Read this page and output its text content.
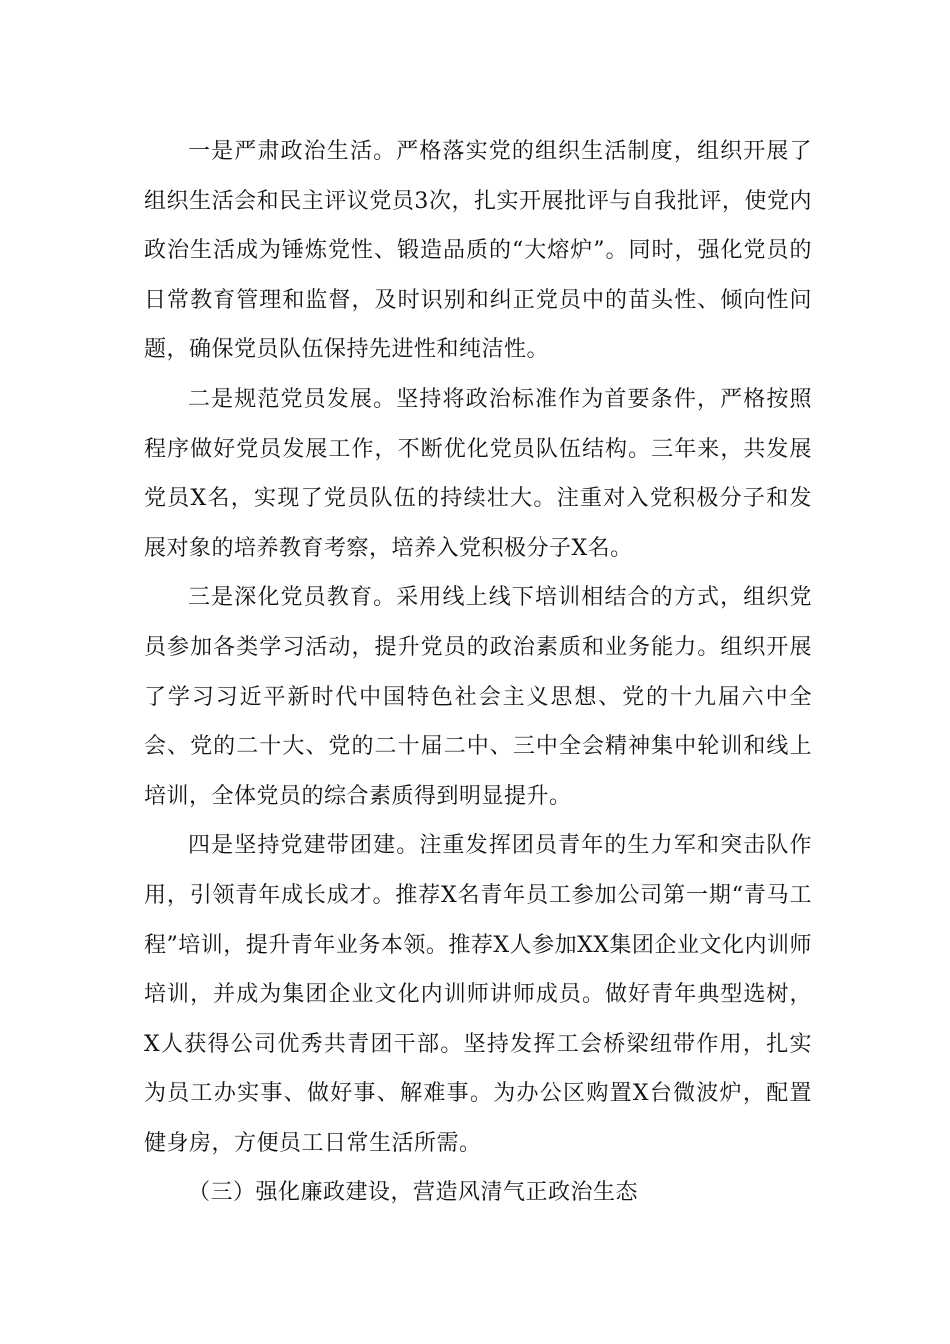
一是严肃政治生活。严格落实党的组织生活制度，组织开展了组织生活会和民主评议党员3次，扎实开展批评与自我批评，使党内政治生活成为锤炼党性、锻造品质的“大熔炉”。同时，强化党员的日常教育管理和监督，及时识别和纠正党员中的苗头性、倾向性问题，确保党员队伍保持先进性和纯洁性。

二是规范党员发展。坚持将政治标准作为首要条件，严格按照程序做好党员发展工作，不断优化党员队伍结构。三年来，共发展党员X名，实现了党员队伍的持续壮大。注重对入党积极分子和发展对象的培养教育考察，培养入党积极分子X名。

三是深化党员教育。采用线上线下培训相结合的方式，组织党员参加各类学习活动，提升党员的政治素质和业务能力。组织开展了学习习近平新时代中国特色社会主义思想、党的十九届六中全会、党的二十大、党的二十届二中、三中全会精神集中轮训和线上培训，全体党员的综合素质得到明显提升。

四是坚持党建带团建。注重发挥团员青年的生力军和突击队作用，引领青年成长成才。推荐X名青年员工参加公司第一期“青马工程”培训，提升青年业务本领。推荐X人参加XX集团企业文化内训师培训，并成为集团企业文化内训师讲师成员。做好青年典型选树，X人获得公司优秀共青团干部。坚持发挥工会桥梁纽带作用，扎实为员工办实事、做好事、解难事。为办公区购置X台微波炉，配置健身房，方便员工日常生活所需。

（三）强化廉政建设，营造风清气正政治生态
